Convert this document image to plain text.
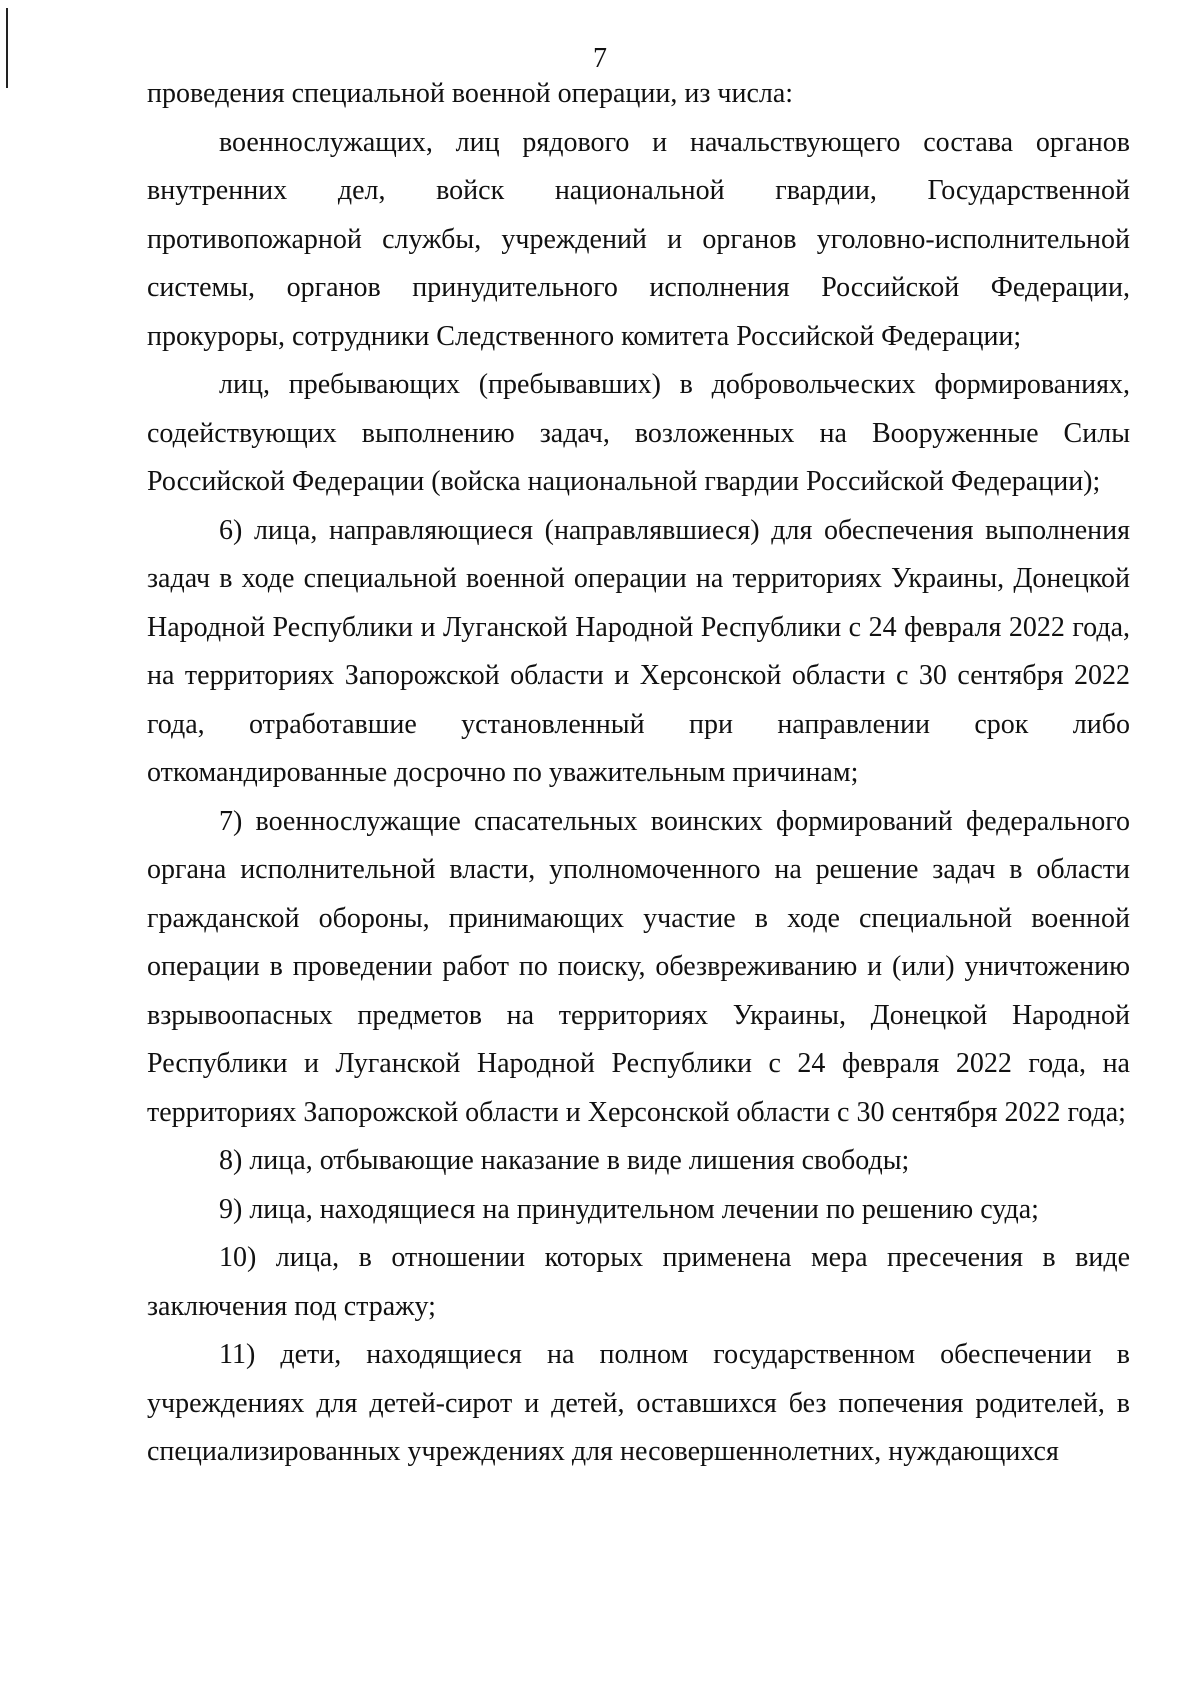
7

проведения специальной военной операции, из числа:

военнослужащих, лиц рядового и начальствующего состава органов внутренних дел, войск национальной гвардии, Государственной противопожарной службы, учреждений и органов уголовно-исполнительной системы, органов принудительного исполнения Российской Федерации, прокуроры, сотрудники Следственного комитета Российской Федерации;

лиц, пребывающих (пребывавших) в добровольческих формированиях, содействующих выполнению задач, возложенных на Вооруженные Силы Российской Федерации (войска национальной гвардии Российской Федерации);

6) лица, направляющиеся (направлявшиеся) для обеспечения выполнения задач в ходе специальной военной операции на территориях Украины, Донецкой Народной Республики и Луганской Народной Республики с 24 февраля 2022 года, на территориях Запорожской области и Херсонской области с 30 сентября 2022 года, отработавшие установленный при направлении срок либо откомандированные досрочно по уважительным причинам;

7) военнослужащие спасательных воинских формирований федерального органа исполнительной власти, уполномоченного на решение задач в области гражданской обороны, принимающих участие в ходе специальной военной операции в проведении работ по поиску, обезвреживанию и (или) уничтожению взрывоопасных предметов на территориях Украины, Донецкой Народной Республики и Луганской Народной Республики с 24 февраля 2022 года, на территориях Запорожской области и Херсонской области с 30 сентября 2022 года;

8) лица, отбывающие наказание в виде лишения свободы;

9) лица, находящиеся на принудительном лечении по решению суда;

10) лица, в отношении которых применена мера пресечения в виде заключения под стражу;

11) дети, находящиеся на полном государственном обеспечении в учреждениях для детей-сирот и детей, оставшихся без попечения родителей, в специализированных учреждениях для несовершеннолетних, нуждающихся
